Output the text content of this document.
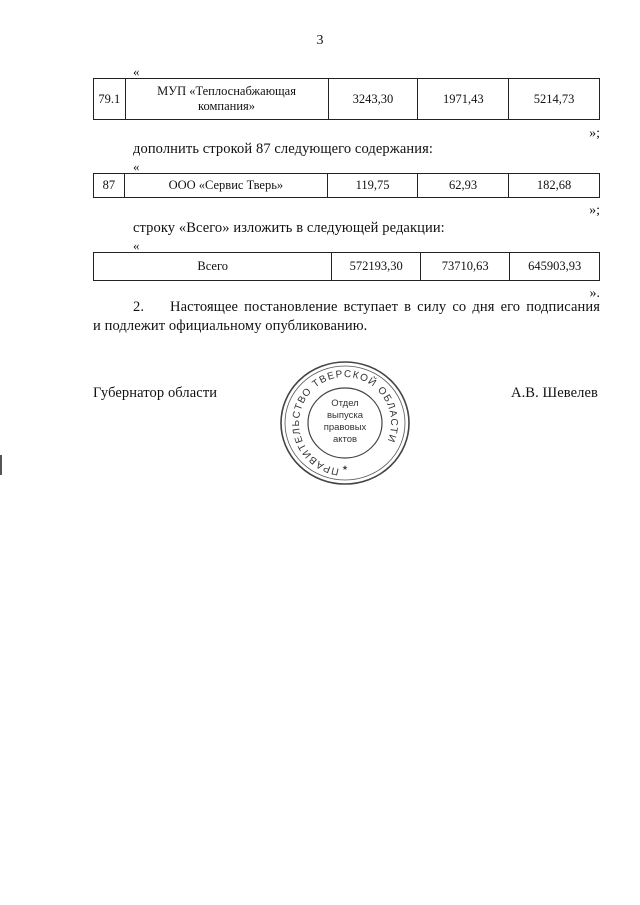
3
«
79.1	МУП «Теплоснабжающая компания»	3243,30	1971,43	5214,73
»;
дополнить строкой 87 следующего содержания:
«
87	ООО «Сервис Тверь»	119,75	62,93	182,68
»;
строку «Всего» изложить в следующей редакции:
«
Всего	572193,30	73710,63	645903,93
».
2. Настоящее постановление вступает в силу со дня его подписания
и подлежит официальному опубликованию.
Губернатор области	А.В. Шевелев
ПРАВИТЕЛЬСТВО ТВЕРСКОЙ ОБЛАСТИ
Отдел
выпуска
правовых
актов
★
